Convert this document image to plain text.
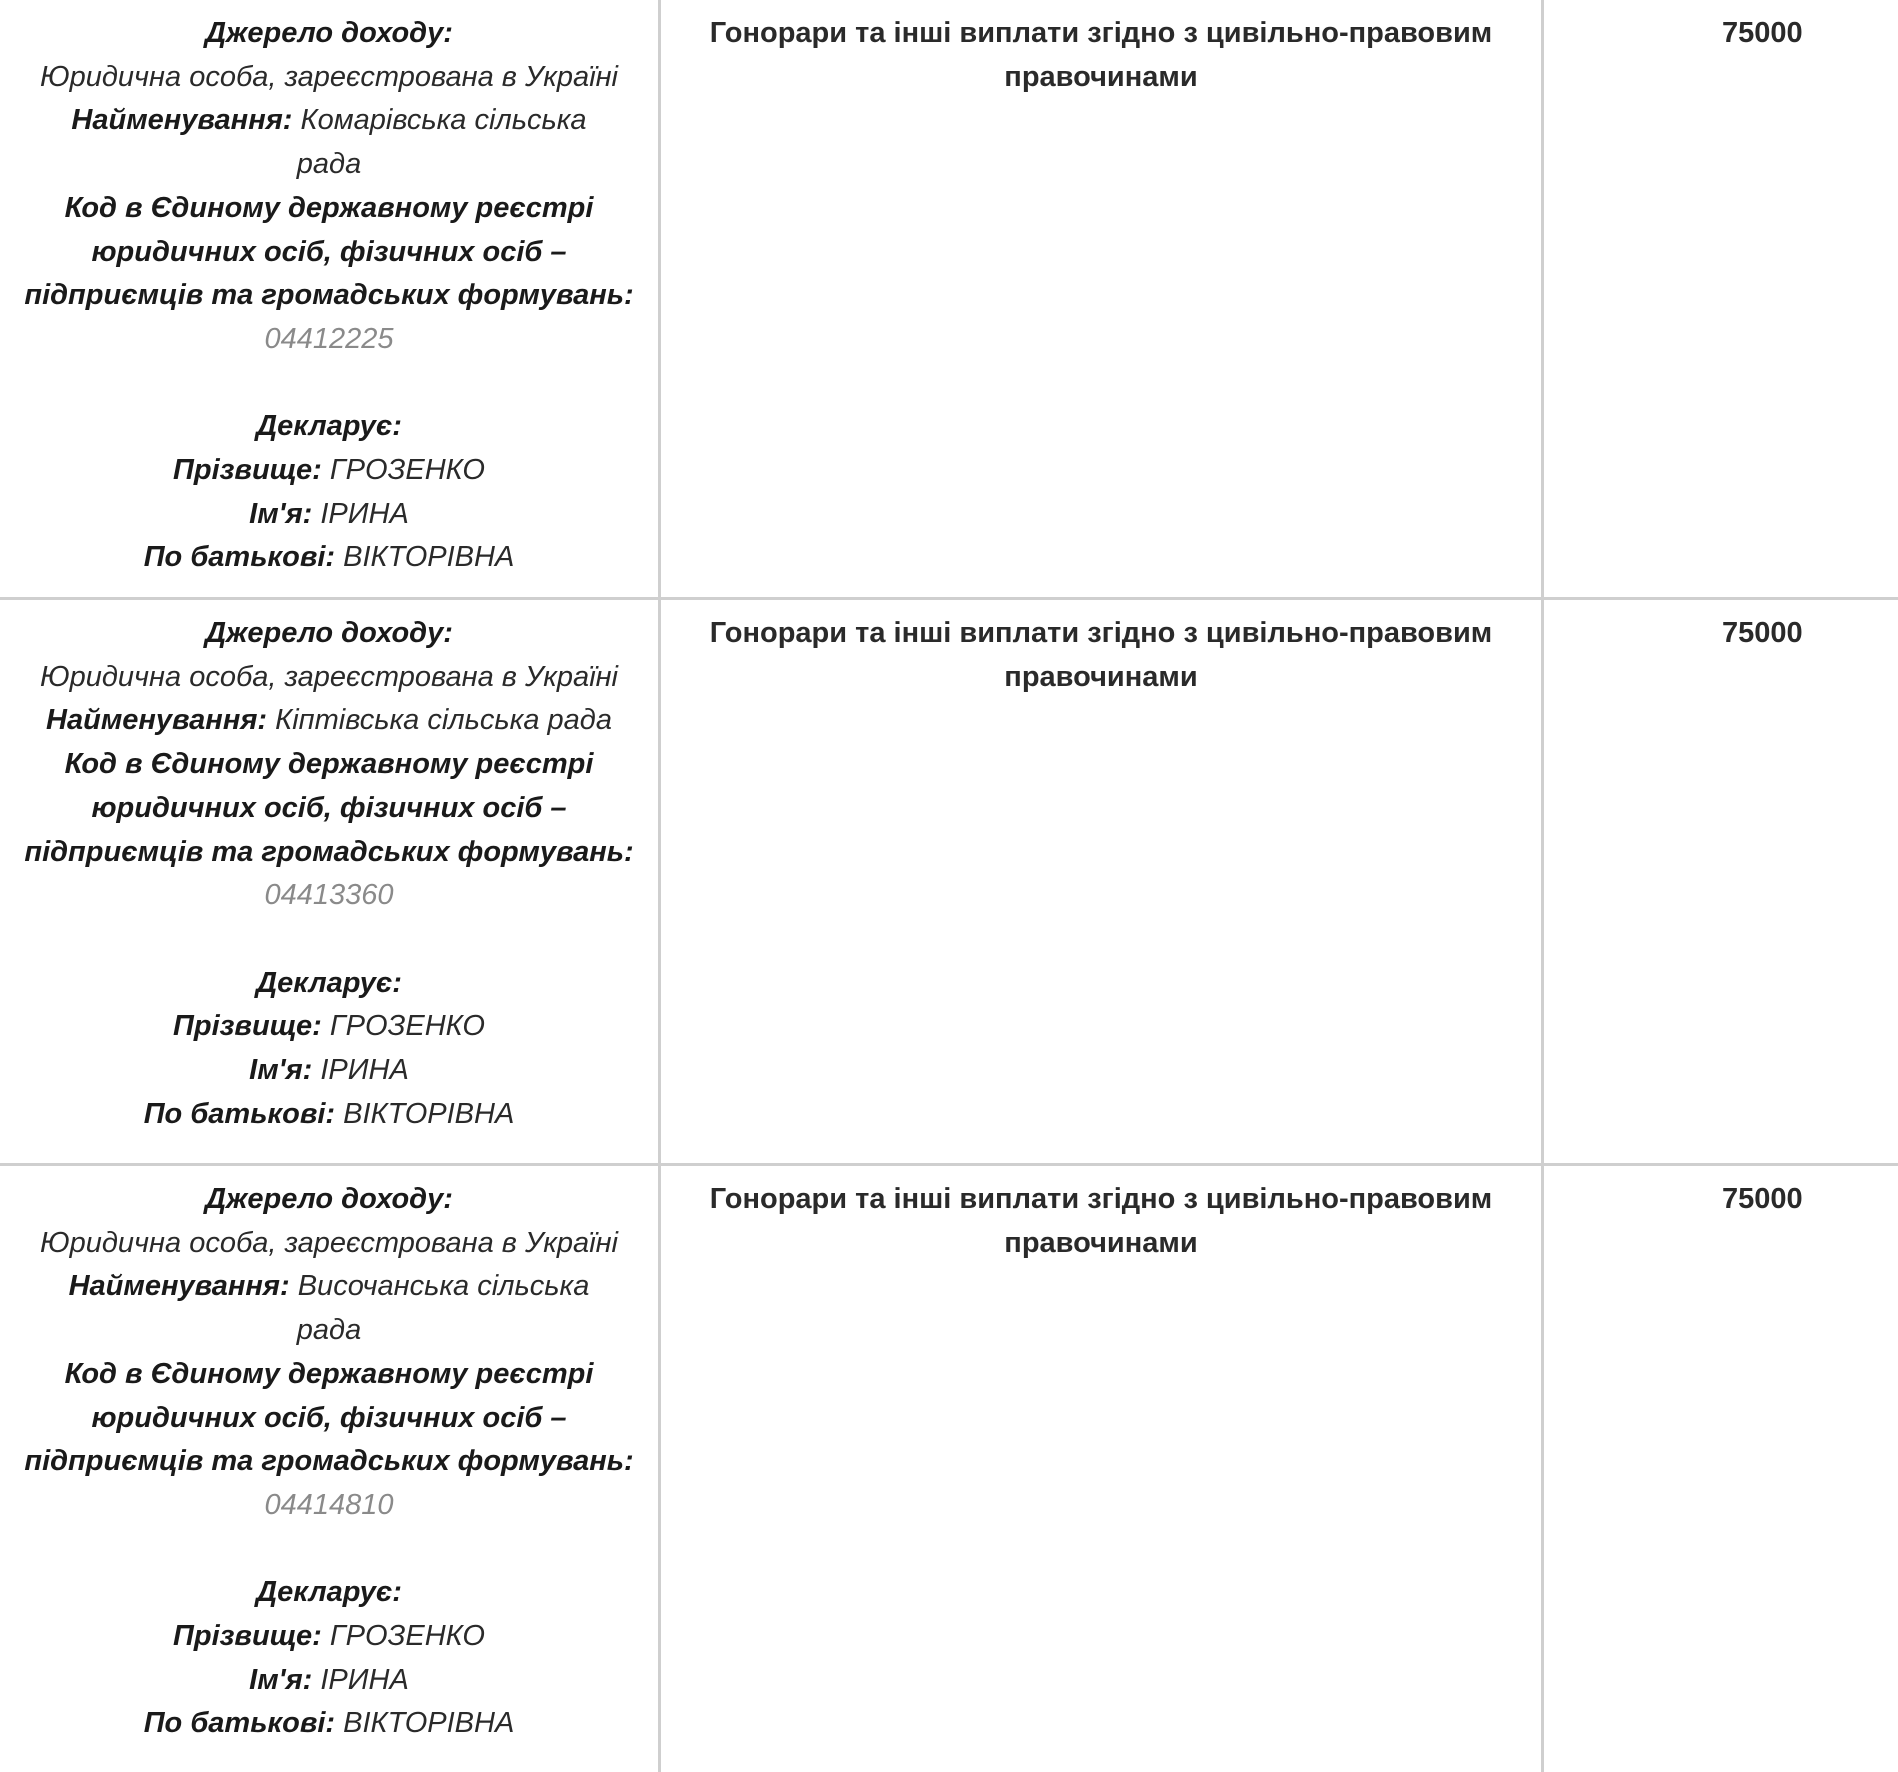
Джерело доходу:
Юридична особа, зареєстрована в Україні
Найменування: Комарівська сільська
рада
Код в Єдиному державному реєстрі
юридичних осіб, фізичних осіб –
підприємців та громадських формувань:
04412225
Декларує:
Прізвище: ГРОЗЕНКО
Ім'я: ІРИНА
По батькові: ВІКТОРІВНА
Гонорари та інші виплати згідно з цивільно-правовим правочинами
75000
Джерело доходу:
Юридична особа, зареєстрована в Україні
Найменування: Кіптівська сільська рада
Код в Єдиному державному реєстрі
юридичних осіб, фізичних осіб –
підприємців та громадських формувань:
04413360
Декларує:
Прізвище: ГРОЗЕНКО
Ім'я: ІРИНА
По батькові: ВІКТОРІВНА
Гонорари та інші виплати згідно з цивільно-правовим правочинами
75000
Джерело доходу:
Юридична особа, зареєстрована в Україні
Найменування: Височанська сільська
рада
Код в Єдиному державному реєстрі
юридичних осіб, фізичних осіб –
підприємців та громадських формувань:
04414810
Декларує:
Прізвище: ГРОЗЕНКО
Ім'я: ІРИНА
По батькові: ВІКТОРІВНА
Гонорари та інші виплати згідно з цивільно-правовим правочинами
75000
